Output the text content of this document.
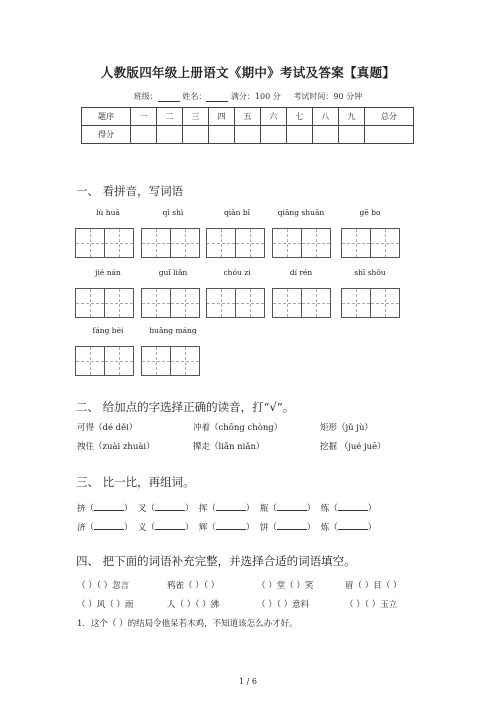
人教版四年级上册语文《期中》考试及答案【真题】
班级：	姓名：	满分：100 分 考试时间：90 分钟
题序	一	二	三	四	五	六	七	八	九	总分
得分										
一、 看拼音，写词语
lù huā	qì shì	qiān bǐ	qiāng shuān	gē bo
jié nán	guǐ liǎn	chóu zi	dí rén	shī shǒu
fáng bèi	huāng máng
二、 给加点的字选择正确的读音，打“√”。
可得（dé děi）	冲着（chōng chòng）	矩形（jǔ jù）
拽住（zuài zhuài）	撵走（liǎn niǎn）	挖掘 （jué juē）
三、 比一比，再组词。
挤（	）  叉（	）  挥（	）  瓶（	）  练（	）
济（	）  义（	）  辉（	）  饼（	）  炼（	）
四、 把下面的词语补充完整，并选择合适的词语填空。
（ ）（ ）忽言	鸦雀（ ）（ ）	（ ）堂（ ）笑	眉（ ）目（ ）
（ ）风（ ）雨	人（ ）（ ）沸	（ ）（ ）意料	（ ）（ ）玉立
1．这个（ ）的结局令他呆若木鸡，不知道该怎么办才好。
1 / 6
